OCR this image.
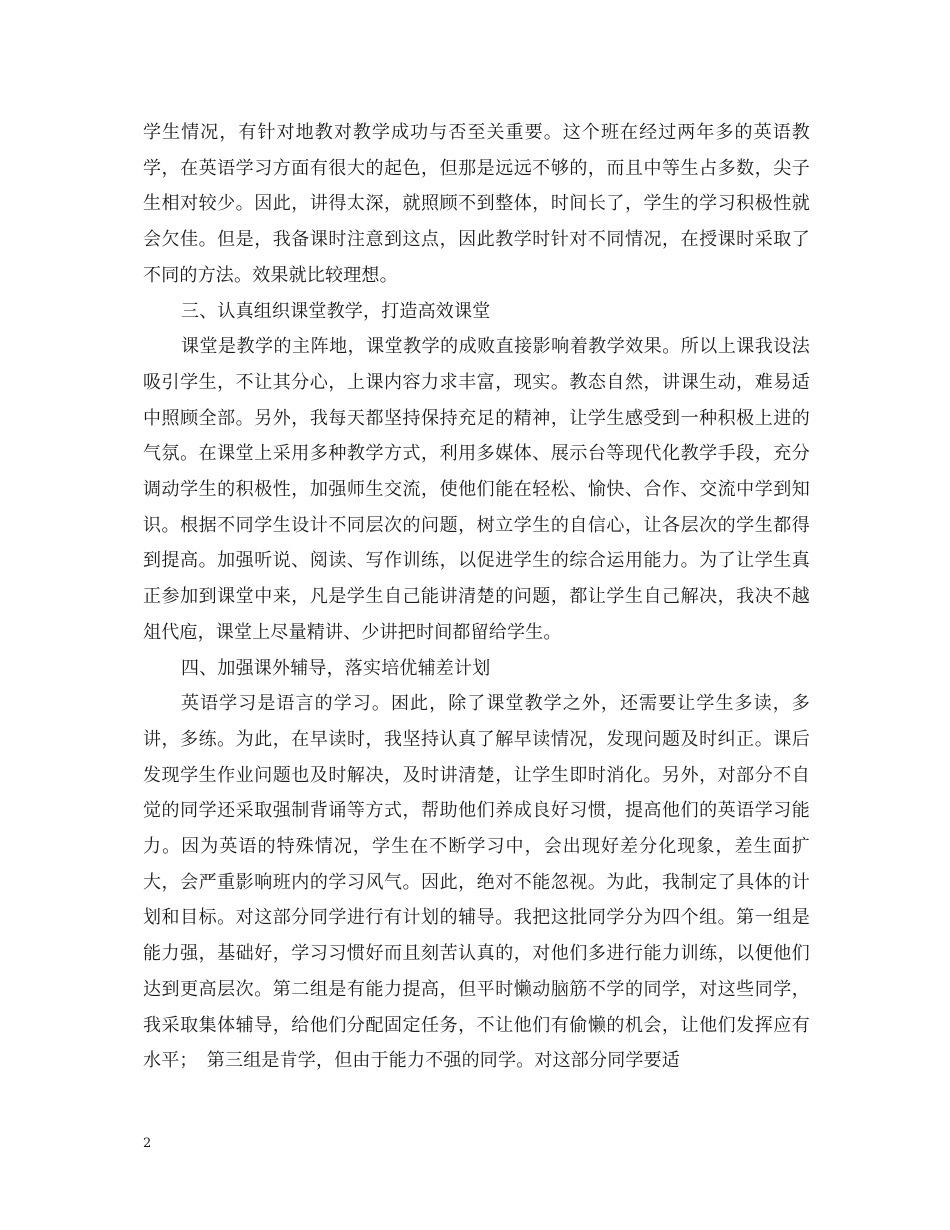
学生情况，有针对地教对教学成功与否至关重要。这个班在经过两年多的英语教学，在英语学习方面有很大的起色，但那是远远不够的，而且中等生占多数，尖子生相对较少。因此，讲得太深，就照顾不到整体，时间长了，学生的学习积极性就会欠佳。但是，我备课时注意到这点，因此教学时针对不同情况，在授课时采取了不同的方法。效果就比较理想。

三、认真组织课堂教学，打造高效课堂

课堂是教学的主阵地，课堂教学的成败直接影响着教学效果。所以上课我设法吸引学生，不让其分心，上课内容力求丰富，现实。教态自然，讲课生动，难易适中照顾全部。另外，我每天都坚持保持充足的精神，让学生感受到一种积极上进的气氛。在课堂上采用多种教学方式，利用多媒体、展示台等现代化教学手段，充分调动学生的积极性，加强师生交流，使他们能在轻松、愉快、合作、交流中学到知识。根据不同学生设计不同层次的问题，树立学生的自信心，让各层次的学生都得到提高。加强听说、阅读、写作训练，以促进学生的综合运用能力。为了让学生真正参加到课堂中来，凡是学生自己能讲清楚的问题，都让学生自己解决，我决不越俎代庖，课堂上尽量精讲、少讲把时间都留给学生。

四、加强课外辅导，落实培优辅差计划

英语学习是语言的学习。困此，除了课堂教学之外，还需要让学生多读，多讲，多练。为此，在早读时，我坚持认真了解早读情况，发现问题及时纠正。课后发现学生作业问题也及时解决，及时讲清楚，让学生即时消化。另外，对部分不自觉的同学还采取强制背诵等方式，帮助他们养成良好习惯，提高他们的英语学习能力。因为英语的特殊情况，学生在不断学习中，会出现好差分化现象，差生面扩大，会严重影响班内的学习风气。因此，绝对不能忽视。为此，我制定了具体的计划和目标。对这部分同学进行有计划的辅导。我把这批同学分为四个组。第一组是能力强，基础好，学习习惯好而且刻苦认真的，对他们多进行能力训练，以便他们达到更高层次。第二组是有能力提高，但平时懒动脑筋不学的同学，对这些同学，我采取集体辅导，给他们分配固定任务，不让他们有偷懒的机会，让他们发挥应有水平；　第三组是肯学，但由于能力不强的同学。对这部分同学要适

2
